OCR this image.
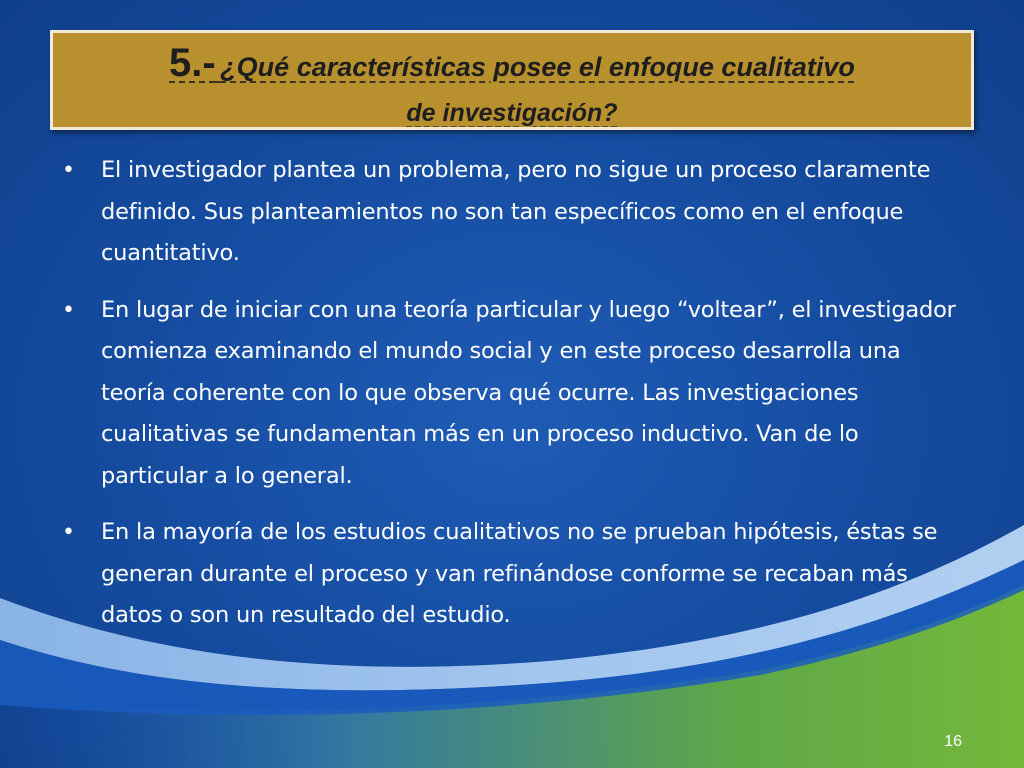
5.- ¿Qué características posee el enfoque cualitativo
de investigación?
• El investigador plantea un problema, pero no sigue un proceso claramente definido. Sus planteamientos no son tan específicos como en el enfoque cuantitativo.
• En lugar de iniciar con una teoría particular y luego “voltear”, el investigador comienza examinando el mundo social y en este proceso desarrolla una teoría coherente con lo que observa qué ocurre. Las investigaciones cualitativas se fundamentan más en un proceso inductivo. Van de lo particular a lo general.
• En la mayoría de los estudios cualitativos no se prueban hipótesis, éstas se generan durante el proceso y van refinándose conforme se recaban más datos o son un resultado del estudio.
16
